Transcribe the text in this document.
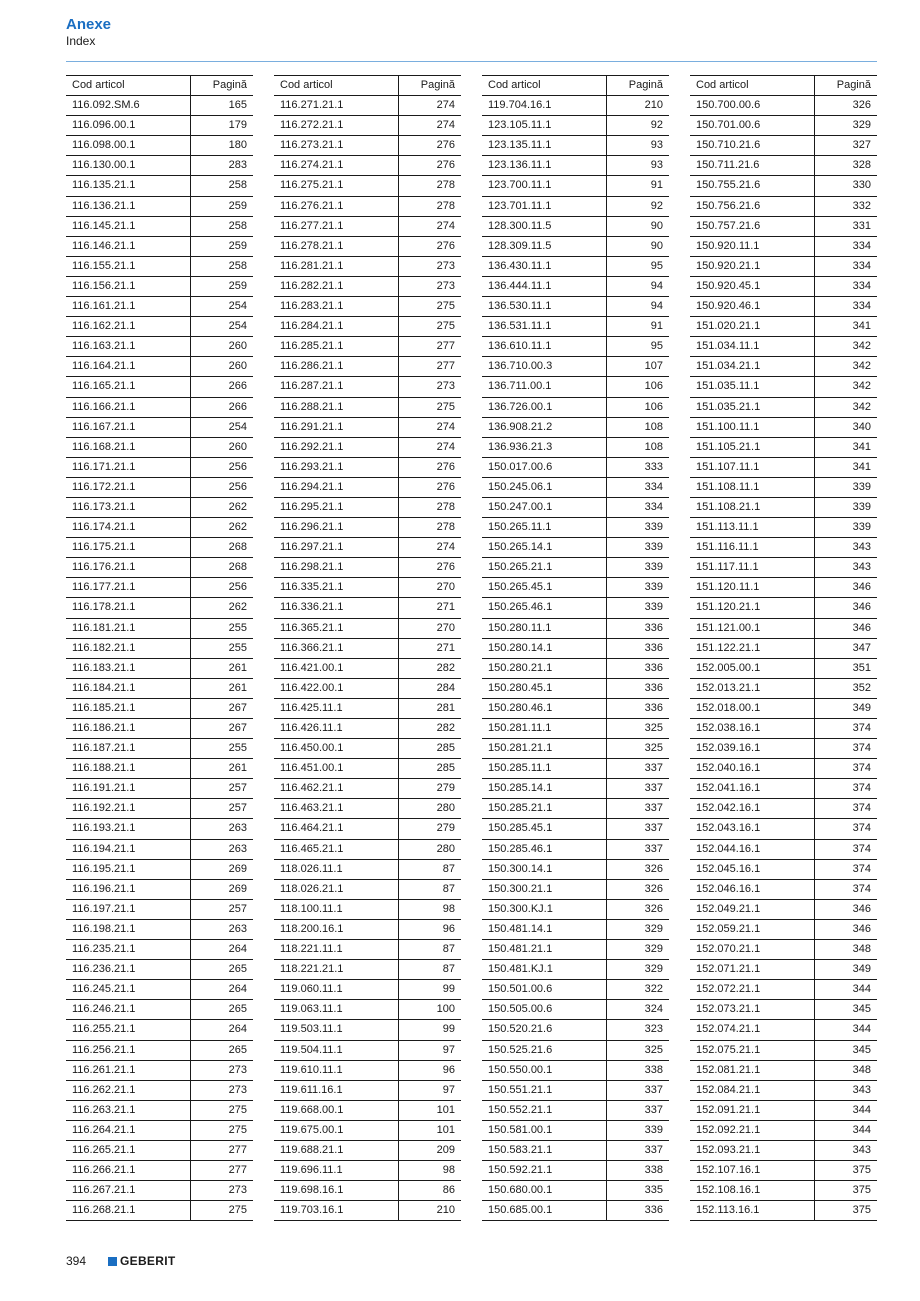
Anexe
Index
Cod articol	Pagină
116.092.SM.6	165
116.096.00.1	179
116.098.00.1	180
116.130.00.1	283
116.135.21.1	258
116.136.21.1	259
116.145.21.1	258
116.146.21.1	259
116.155.21.1	258
116.156.21.1	259
116.161.21.1	254
116.162.21.1	254
116.163.21.1	260
116.164.21.1	260
116.165.21.1	266
116.166.21.1	266
116.167.21.1	254
116.168.21.1	260
116.171.21.1	256
116.172.21.1	256
116.173.21.1	262
116.174.21.1	262
116.175.21.1	268
116.176.21.1	268
116.177.21.1	256
116.178.21.1	262
116.181.21.1	255
116.182.21.1	255
116.183.21.1	261
116.184.21.1	261
116.185.21.1	267
116.186.21.1	267
116.187.21.1	255
116.188.21.1	261
116.191.21.1	257
116.192.21.1	257
116.193.21.1	263
116.194.21.1	263
116.195.21.1	269
116.196.21.1	269
116.197.21.1	257
116.198.21.1	263
116.235.21.1	264
116.236.21.1	265
116.245.21.1	264
116.246.21.1	265
116.255.21.1	264
116.256.21.1	265
116.261.21.1	273
116.262.21.1	273
116.263.21.1	275
116.264.21.1	275
116.265.21.1	277
116.266.21.1	277
116.267.21.1	273
116.268.21.1	275
Cod articol	Pagină
116.271.21.1	274
116.272.21.1	274
116.273.21.1	276
116.274.21.1	276
116.275.21.1	278
116.276.21.1	278
116.277.21.1	274
116.278.21.1	276
116.281.21.1	273
116.282.21.1	273
116.283.21.1	275
116.284.21.1	275
116.285.21.1	277
116.286.21.1	277
116.287.21.1	273
116.288.21.1	275
116.291.21.1	274
116.292.21.1	274
116.293.21.1	276
116.294.21.1	276
116.295.21.1	278
116.296.21.1	278
116.297.21.1	274
116.298.21.1	276
116.335.21.1	270
116.336.21.1	271
116.365.21.1	270
116.366.21.1	271
116.421.00.1	282
116.422.00.1	284
116.425.11.1	281
116.426.11.1	282
116.450.00.1	285
116.451.00.1	285
116.462.21.1	279
116.463.21.1	280
116.464.21.1	279
116.465.21.1	280
118.026.11.1	87
118.026.21.1	87
118.100.11.1	98
118.200.16.1	96
118.221.11.1	87
118.221.21.1	87
119.060.11.1	99
119.063.11.1	100
119.503.11.1	99
119.504.11.1	97
119.610.11.1	96
119.611.16.1	97
119.668.00.1	101
119.675.00.1	101
119.688.21.1	209
119.696.11.1	98
119.698.16.1	86
119.703.16.1	210
Cod articol	Pagină
119.704.16.1	210
123.105.11.1	92
123.135.11.1	93
123.136.11.1	93
123.700.11.1	91
123.701.11.1	92
128.300.11.5	90
128.309.11.5	90
136.430.11.1	95
136.444.11.1	94
136.530.11.1	94
136.531.11.1	91
136.610.11.1	95
136.710.00.3	107
136.711.00.1	106
136.726.00.1	106
136.908.21.2	108
136.936.21.3	108
150.017.00.6	333
150.245.06.1	334
150.247.00.1	334
150.265.11.1	339
150.265.14.1	339
150.265.21.1	339
150.265.45.1	339
150.265.46.1	339
150.280.11.1	336
150.280.14.1	336
150.280.21.1	336
150.280.45.1	336
150.280.46.1	336
150.281.11.1	325
150.281.21.1	325
150.285.11.1	337
150.285.14.1	337
150.285.21.1	337
150.285.45.1	337
150.285.46.1	337
150.300.14.1	326
150.300.21.1	326
150.300.KJ.1	326
150.481.14.1	329
150.481.21.1	329
150.481.KJ.1	329
150.501.00.6	322
150.505.00.6	324
150.520.21.6	323
150.525.21.6	325
150.550.00.1	338
150.551.21.1	337
150.552.21.1	337
150.581.00.1	339
150.583.21.1	337
150.592.21.1	338
150.680.00.1	335
150.685.00.1	336
Cod articol	Pagină
150.700.00.6	326
150.701.00.6	329
150.710.21.6	327
150.711.21.6	328
150.755.21.6	330
150.756.21.6	332
150.757.21.6	331
150.920.11.1	334
150.920.21.1	334
150.920.45.1	334
150.920.46.1	334
151.020.21.1	341
151.034.11.1	342
151.034.21.1	342
151.035.11.1	342
151.035.21.1	342
151.100.11.1	340
151.105.21.1	341
151.107.11.1	341
151.108.11.1	339
151.108.21.1	339
151.113.11.1	339
151.116.11.1	343
151.117.11.1	343
151.120.11.1	346
151.120.21.1	346
151.121.00.1	346
151.122.21.1	347
152.005.00.1	351
152.013.21.1	352
152.018.00.1	349
152.038.16.1	374
152.039.16.1	374
152.040.16.1	374
152.041.16.1	374
152.042.16.1	374
152.043.16.1	374
152.044.16.1	374
152.045.16.1	374
152.046.16.1	374
152.049.21.1	346
152.059.21.1	346
152.070.21.1	348
152.071.21.1	349
152.072.21.1	344
152.073.21.1	345
152.074.21.1	344
152.075.21.1	345
152.081.21.1	348
152.084.21.1	343
152.091.21.1	344
152.092.21.1	344
152.093.21.1	343
152.107.16.1	375
152.108.16.1	375
152.113.16.1	375
394	GEBERIT
